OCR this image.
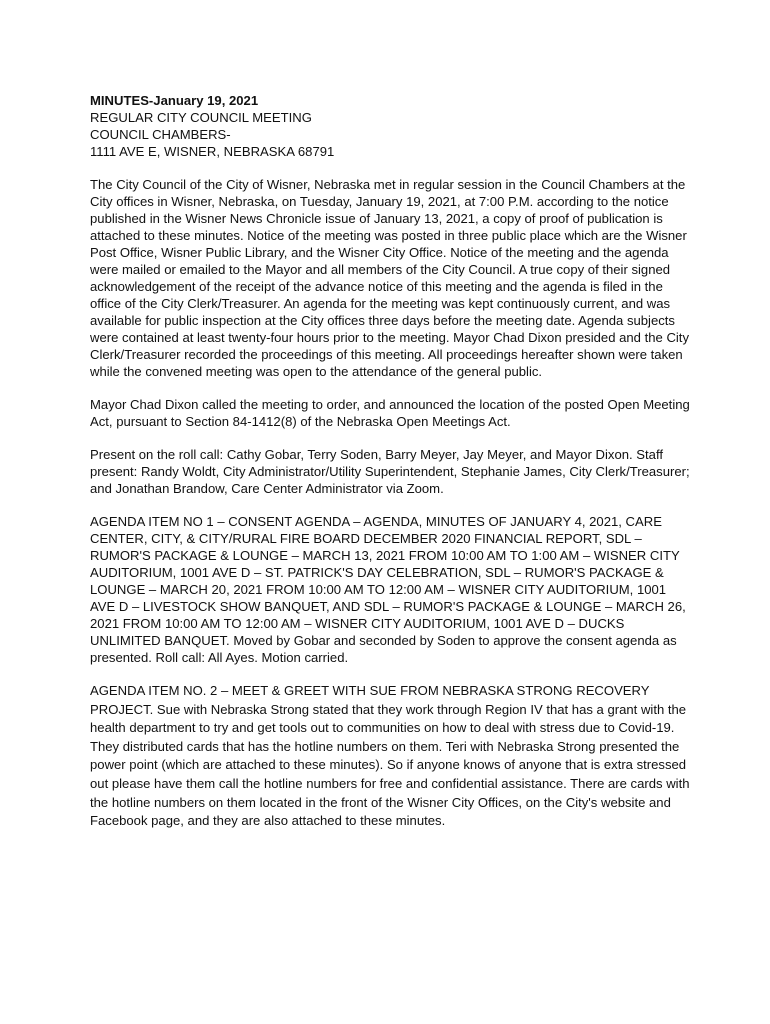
MINUTES-January 19, 2021

REGULAR CITY COUNCIL MEETING

COUNCIL CHAMBERS-

1111 AVE E, WISNER, NEBRASKA 68791

The City Council of the City of Wisner, Nebraska met in regular session in the Council Chambers at the City offices in Wisner, Nebraska, on Tuesday, January 19, 2021, at 7:00 P.M. according to the notice published in the Wisner News Chronicle issue of January 13, 2021, a copy of proof of publication is attached to these minutes. Notice of the meeting was posted in three public place which are the Wisner Post Office, Wisner Public Library, and the Wisner City Office. Notice of the meeting and the agenda were mailed or emailed to the Mayor and all members of the City Council. A true copy of their signed acknowledgement of the receipt of the advance notice of this meeting and the agenda is filed in the office of the City Clerk/Treasurer. An agenda for the meeting was kept continuously current, and was available for public inspection at the City offices three days before the meeting date. Agenda subjects were contained at least twenty-four hours prior to the meeting. Mayor Chad Dixon presided and the City Clerk/Treasurer recorded the proceedings of this meeting. All proceedings hereafter shown were taken while the convened meeting was open to the attendance of the general public.

Mayor Chad Dixon called the meeting to order, and announced the location of the posted Open Meeting Act, pursuant to Section 84-1412(8) of the Nebraska Open Meetings Act.

Present on the roll call: Cathy Gobar, Terry Soden, Barry Meyer, Jay Meyer, and Mayor Dixon. Staff present: Randy Woldt, City Administrator/Utility Superintendent, Stephanie James, City Clerk/Treasurer; and Jonathan Brandow, Care Center Administrator via Zoom.

AGENDA ITEM NO 1 – CONSENT AGENDA – AGENDA, MINUTES OF JANUARY 4, 2021, CARE CENTER, CITY, & CITY/RURAL FIRE BOARD DECEMBER 2020 FINANCIAL REPORT, SDL – RUMOR'S PACKAGE & LOUNGE – MARCH 13, 2021 FROM 10:00 AM TO 1:00 AM – WISNER CITY AUDITORIUM, 1001 AVE D – ST. PATRICK'S DAY CELEBRATION, SDL – RUMOR'S PACKAGE & LOUNGE – MARCH 20, 2021 FROM 10:00 AM TO 12:00 AM – WISNER CITY AUDITORIUM, 1001 AVE D – LIVESTOCK SHOW BANQUET, AND SDL – RUMOR'S PACKAGE & LOUNGE – MARCH 26, 2021 FROM 10:00 AM TO 12:00 AM – WISNER CITY AUDITORIUM, 1001 AVE D – DUCKS UNLIMITED BANQUET. Moved by Gobar and seconded by Soden to approve the consent agenda as presented. Roll call: All Ayes. Motion carried.

AGENDA ITEM NO. 2 – MEET & GREET WITH SUE FROM NEBRASKA STRONG RECOVERY PROJECT. Sue with Nebraska Strong stated that they work through Region IV that has a grant with the health department to try and get tools out to communities on how to deal with stress due to Covid-19. They distributed cards that has the hotline numbers on them. Teri with Nebraska Strong presented the power point (which are attached to these minutes). So if anyone knows of anyone that is extra stressed out please have them call the hotline numbers for free and confidential assistance. There are cards with the hotline numbers on them located in the front of the Wisner City Offices, on the City's website and Facebook page, and they are also attached to these minutes.
